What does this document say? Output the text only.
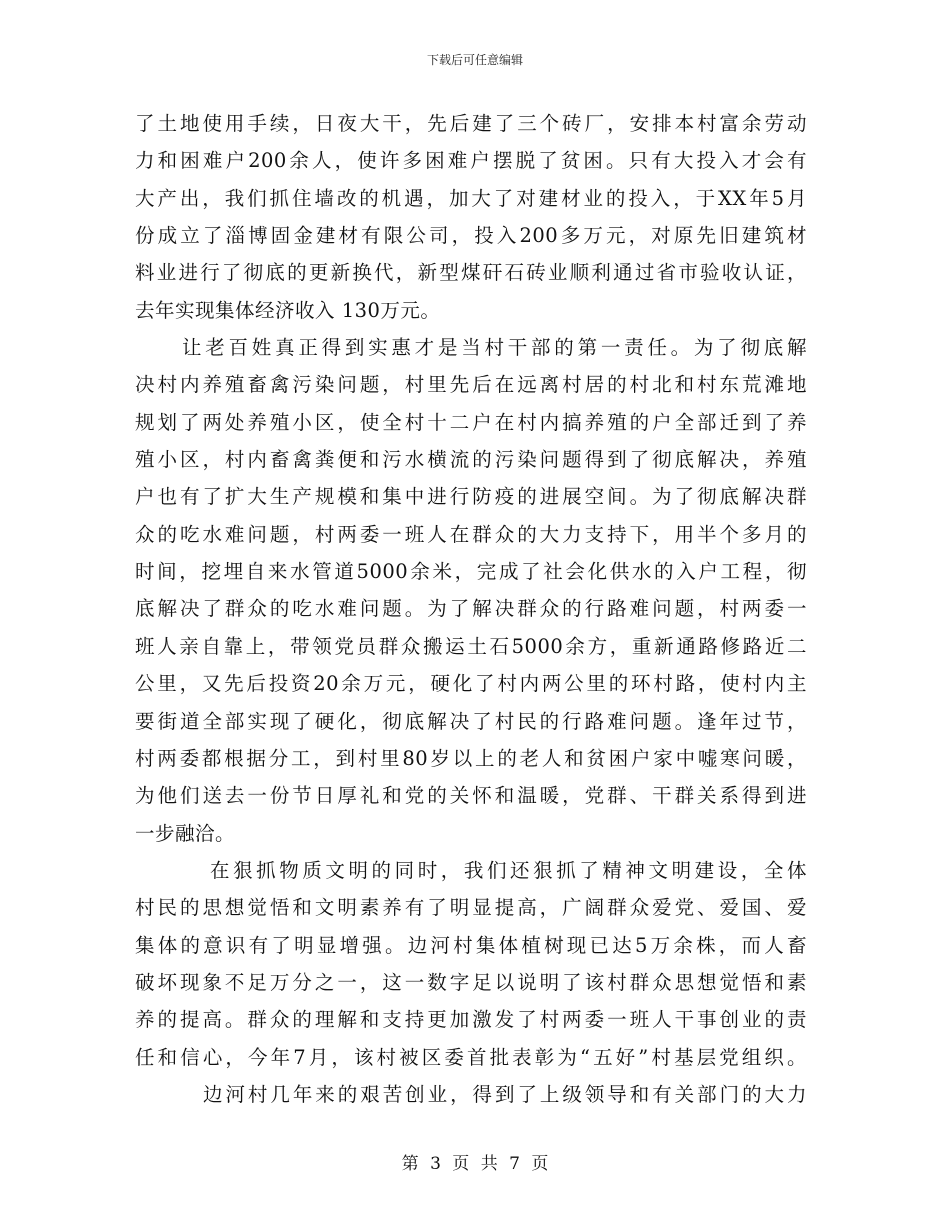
下载后可任意编辑
了土地使用手续，日夜大干，先后建了三个砖厂，安排本村富余劳动
力和困难户200余人，使许多困难户摆脱了贫困。只有大投入才会有
大产出，我们抓住墙改的机遇，加大了对建材业的投入，于XX年5月
份成立了淄博固金建材有限公司，投入200多万元，对原先旧建筑材
料业进行了彻底的更新换代，新型煤矸石砖业顺利通过省市验收认证，
去年实现集体经济收入 130万元。
让老百姓真正得到实惠才是当村干部的第一责任。为了彻底解
决村内养殖畜禽污染问题，村里先后在远离村居的村北和村东荒滩地
规划了两处养殖小区，使全村十二户在村内搞养殖的户全部迁到了养
殖小区，村内畜禽粪便和污水横流的污染问题得到了彻底解决，养殖
户也有了扩大生产规模和集中进行防疫的进展空间。为了彻底解决群
众的吃水难问题，村两委一班人在群众的大力支持下，用半个多月的
时间，挖埋自来水管道5000余米，完成了社会化供水的入户工程，彻
底解决了群众的吃水难问题。为了解决群众的行路难问题，村两委一
班人亲自靠上，带领党员群众搬运土石5000余方，重新通路修路近二
公里，又先后投资20余万元，硬化了村内两公里的环村路，使村内主
要街道全部实现了硬化，彻底解决了村民的行路难问题。逢年过节，
村两委都根据分工，到村里80岁以上的老人和贫困户家中嘘寒问暖，
为他们送去一份节日厚礼和党的关怀和温暖，党群、干群关系得到进
一步融洽。
在狠抓物质文明的同时，我们还狠抓了精神文明建设，全体
村民的思想觉悟和文明素养有了明显提高，广阔群众爱党、爱国、爱
集体的意识有了明显增强。边河村集体植树现已达5万余株，而人畜
破坏现象不足万分之一，这一数字足以说明了该村群众思想觉悟和素
养的提高。群众的理解和支持更加激发了村两委一班人干事创业的责
任和信心，今年7月，该村被区委首批表彰为“五好”村基层党组织。
边河村几年来的艰苦创业，得到了上级领导和有关部门的大力
第 3 页 共 7 页
